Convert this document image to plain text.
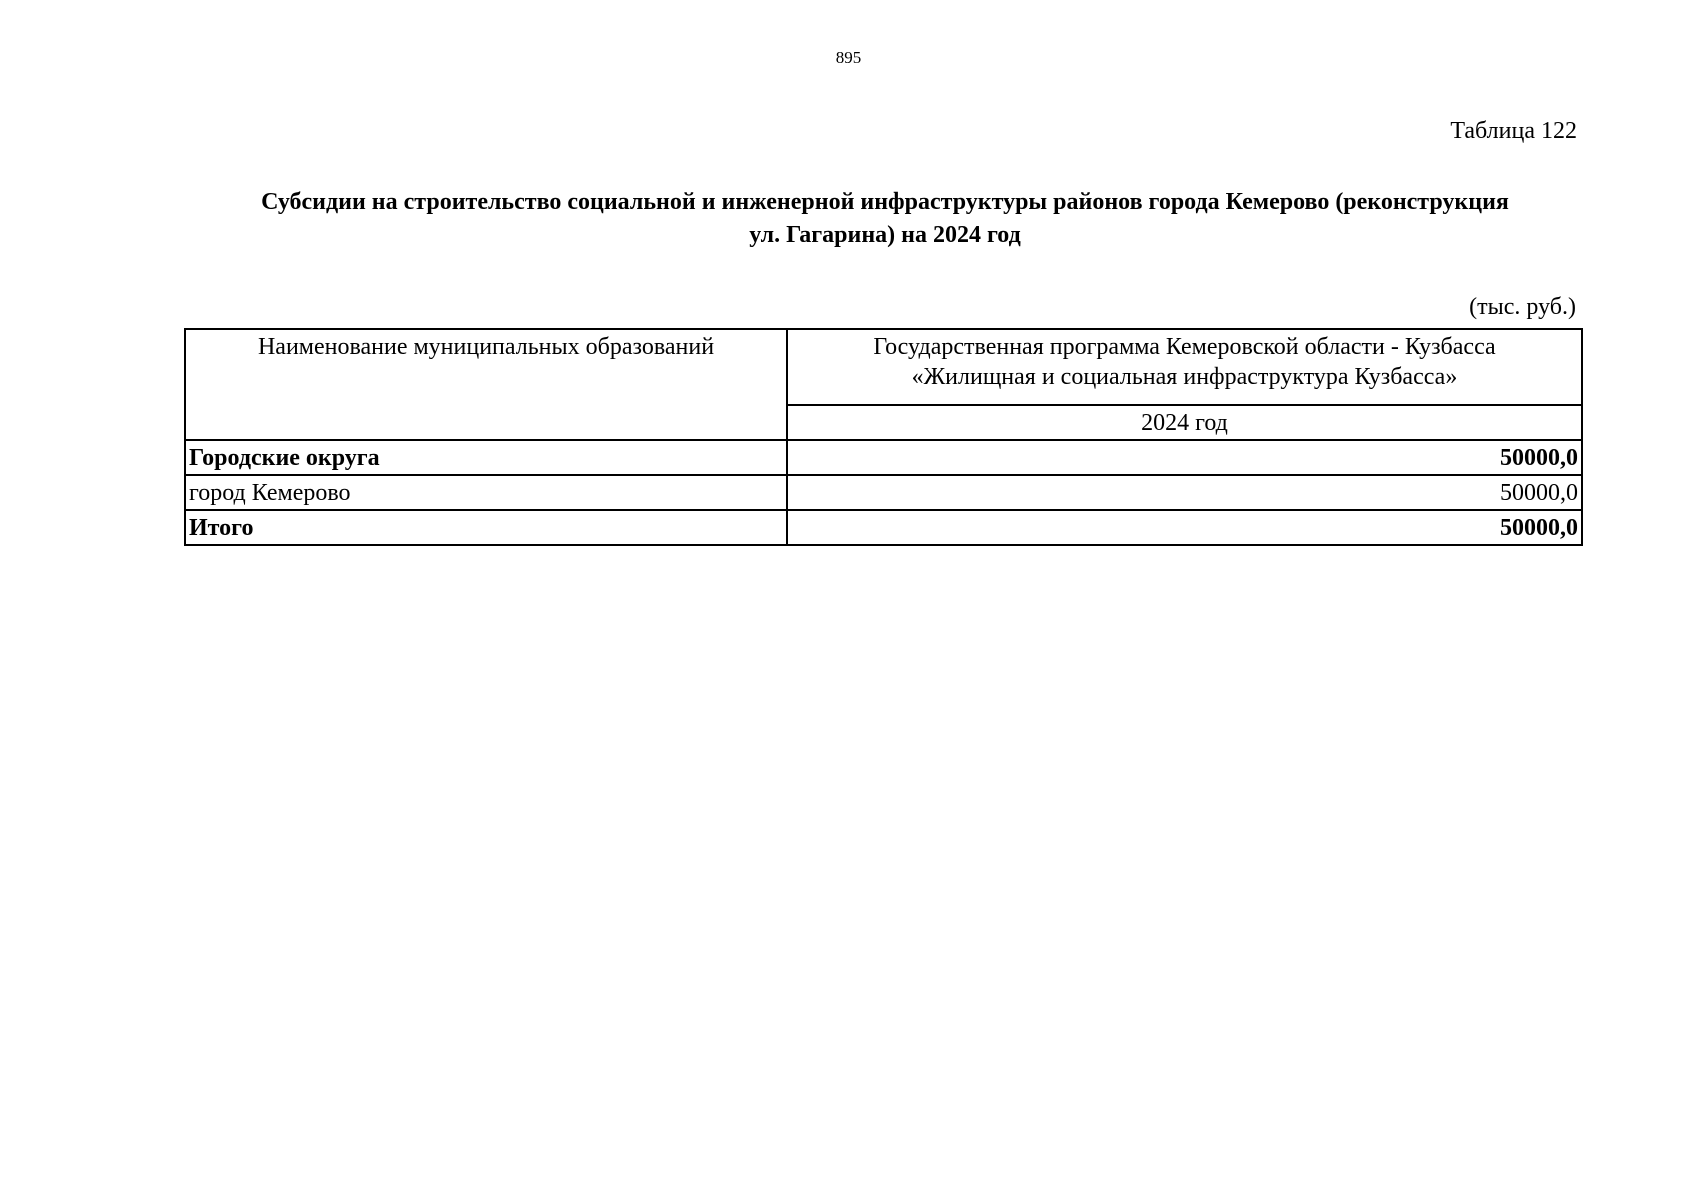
895
Таблица 122
Субсидии на строительство социальной и инженерной инфраструктуры районов города Кемерово (реконструкция
ул. Гагарина) на 2024 год
(тыс. руб.)
Наименование муниципальных образований	Государственная программа Кемеровской области - Кузбасса
«Жилищная и социальная инфраструктура Кузбасса»

	2024 год
Городские округа	50000,0
город Кемерово	50000,0
Итого	50000,0
